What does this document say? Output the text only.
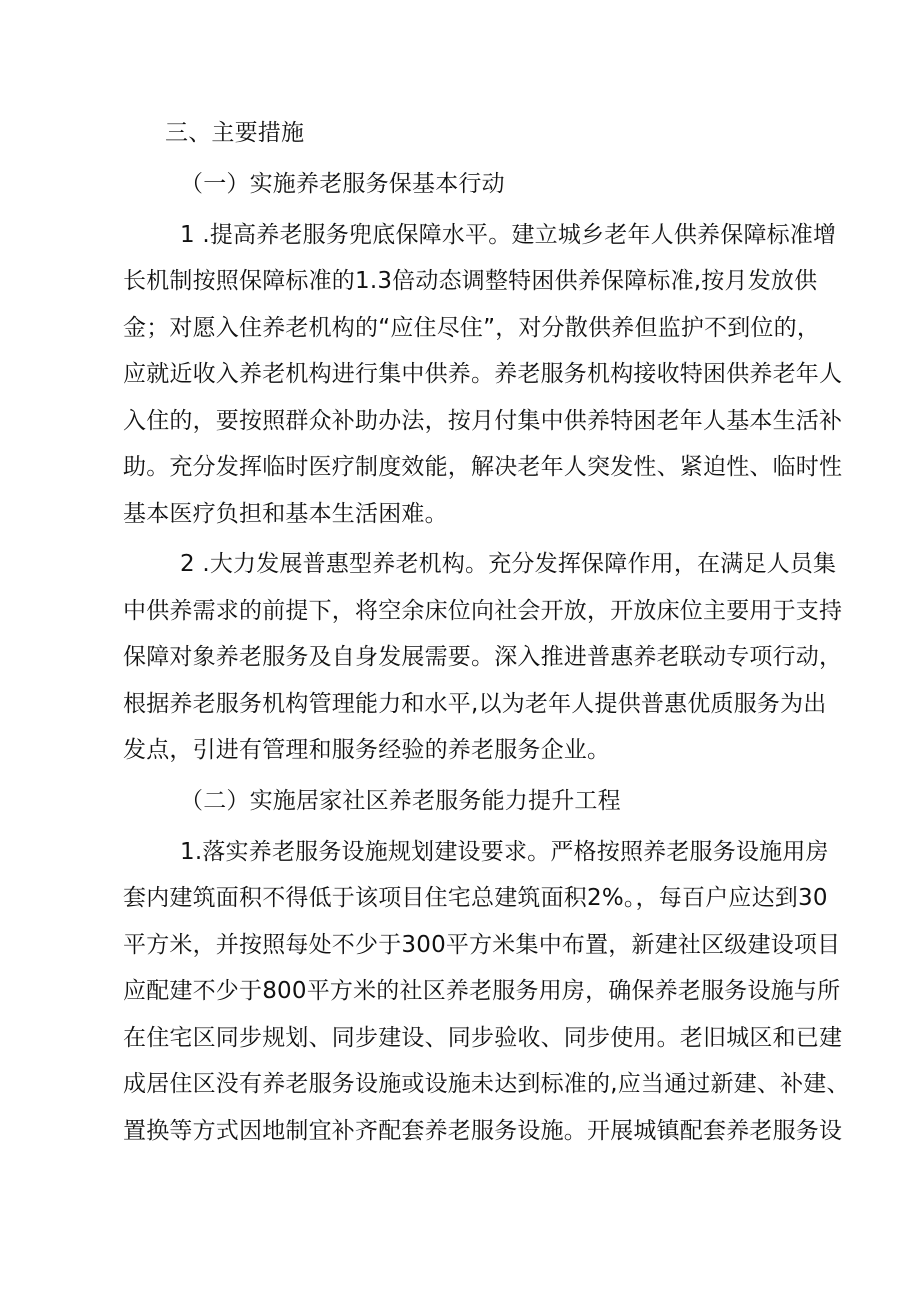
三、主要措施
（一）实施养老服务保基本行动
1 .提高养老服务兜底保障水平。建立城乡老年人供养保障标准增
长机制按照保障标准的1.3倍动态调整特困供养保障标准,按月发放供
金；对愿入住养老机构的“应住尽住”，对分散供养但监护不到位的，
应就近收入养老机构进行集中供养。养老服务机构接收特困供养老年人
入住的，要按照群众补助办法，按月付集中供养特困老年人基本生活补
助。充分发挥临时医疗制度效能，解决老年人突发性、紧迫性、临时性
基本医疗负担和基本生活困难。
2 .大力发展普惠型养老机构。充分发挥保障作用，在满足人员集
中供养需求的前提下，将空余床位向社会开放，开放床位主要用于支持
保障对象养老服务及自身发展需要。深入推进普惠养老联动专项行动，
根据养老服务机构管理能力和水平,以为老年人提供普惠优质服务为出
发点，引进有管理和服务经验的养老服务企业。
（二）实施居家社区养老服务能力提升工程
1.落实养老服务设施规划建设要求。严格按照养老服务设施用房
套内建筑面积不得低于该项目住宅总建筑面积2%。，每百户应达到30
平方米，并按照每处不少于300平方米集中布置，新建社区级建设项目
应配建不少于800平方米的社区养老服务用房，确保养老服务设施与所
在住宅区同步规划、同步建设、同步验收、同步使用。老旧城区和已建
成居住区没有养老服务设施或设施未达到标准的,应当通过新建、补建、
置换等方式因地制宜补齐配套养老服务设施。开展城镇配套养老服务设
